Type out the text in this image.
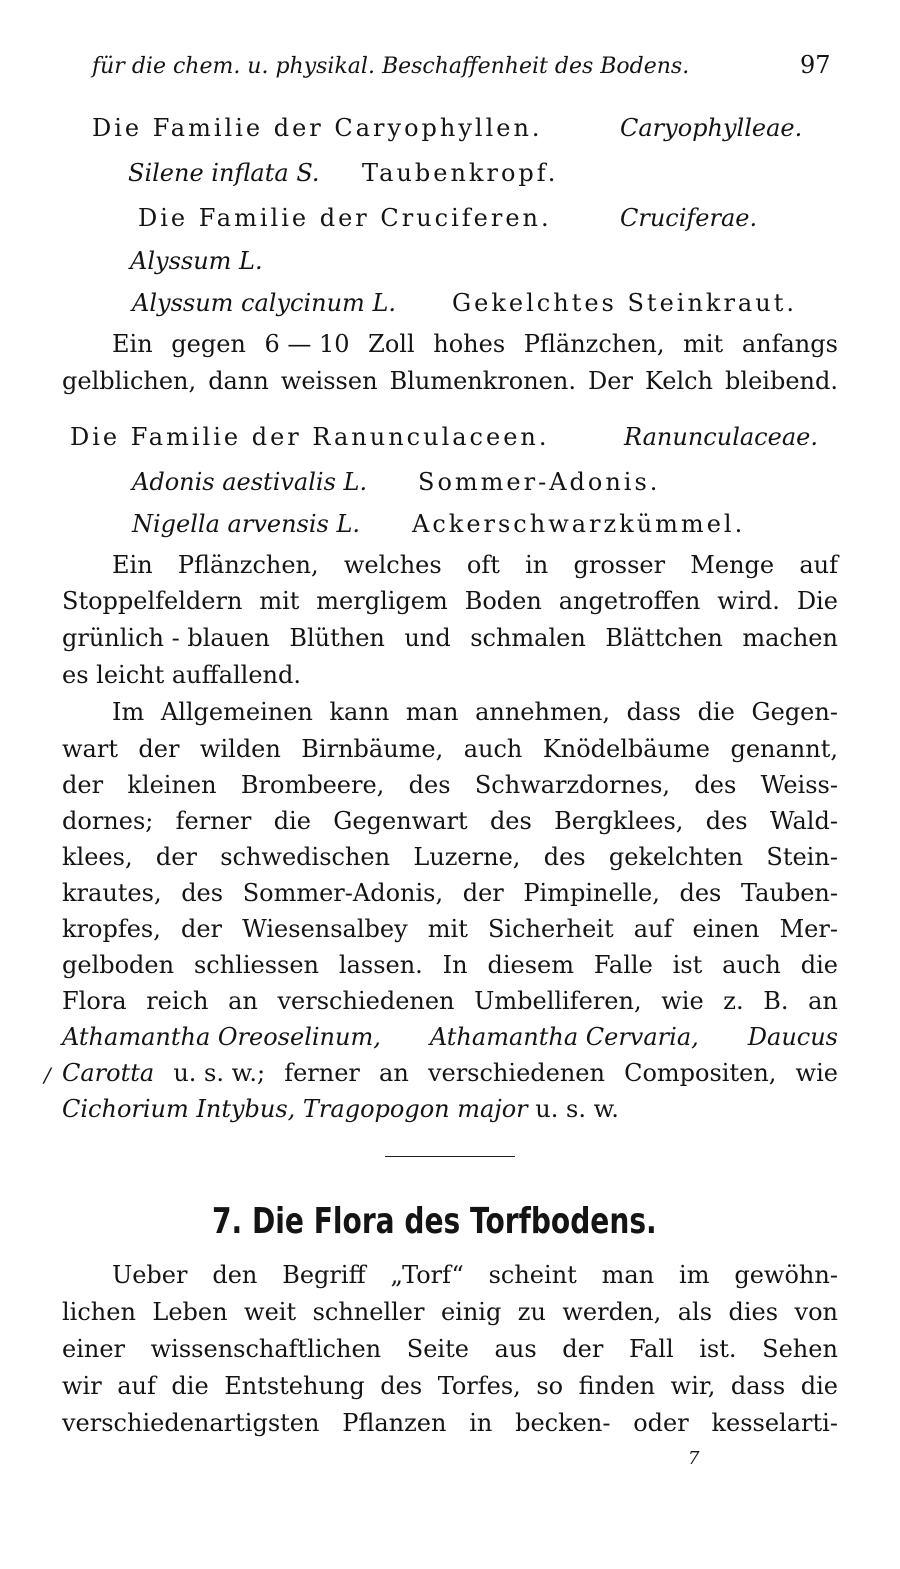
für die chem. u. physikal. Beschaffenheit des Bodens.	97
Die Familie der Caryophyllen.	Caryophylleae.
Silene inflata S. Taubenkropf.
Die Familie der Cruciferen.	Cruciferae.
Alyssum L.
Alyssum calycinum L. Gekelchtes Steinkraut.
Ein gegen 6 — 10 Zoll hohes Pflänzchen, mit anfangs
gelblichen, dann weissen Blumenkronen. Der Kelch bleibend.
Die Familie der Ranunculaceen.	Ranunculaceae.
Adonis aestivalis L. Sommer-Adonis.
Nigella arvensis L. Ackerschwarzkümmel.
Ein Pflänzchen, welches oft in grosser Menge auf
Stoppelfeldern mit mergligem Boden angetroffen wird. Die
grünlich - blauen Blüthen und schmalen Blättchen machen
es leicht auffallend.
Im Allgemeinen kann man annehmen, dass die Gegen-
wart der wilden Birnbäume, auch Knödelbäume genannt,
der kleinen Brombeere, des Schwarzdornes, des Weiss-
dornes; ferner die Gegenwart des Bergklees, des Wald-
klees, der schwedischen Luzerne, des gekelchten Stein-
krautes, des Sommer-Adonis, der Pimpinelle, des Tauben-
kropfes, der Wiesensalbey mit Sicherheit auf einen Mer-
gelboden schliessen lassen. In diesem Falle ist auch die
Flora reich an verschiedenen Umbelliferen, wie z. B. an
Athamantha Oreoselinum, Athamantha Cervaria, Daucus
/ Carotta u. s. w.; ferner an verschiedenen Compositen, wie
Cichorium Intybus, Tragopogon major u. s. w.
7. Die Flora des Torfbodens.
Ueber den Begriff „Torf“ scheint man im gewöhn-
lichen Leben weit schneller einig zu werden, als dies von
einer wissenschaftlichen Seite aus der Fall ist. Sehen
wir auf die Entstehung des Torfes, so finden wir, dass die
verschiedenartigsten Pflanzen in becken- oder kesselarti-
7
